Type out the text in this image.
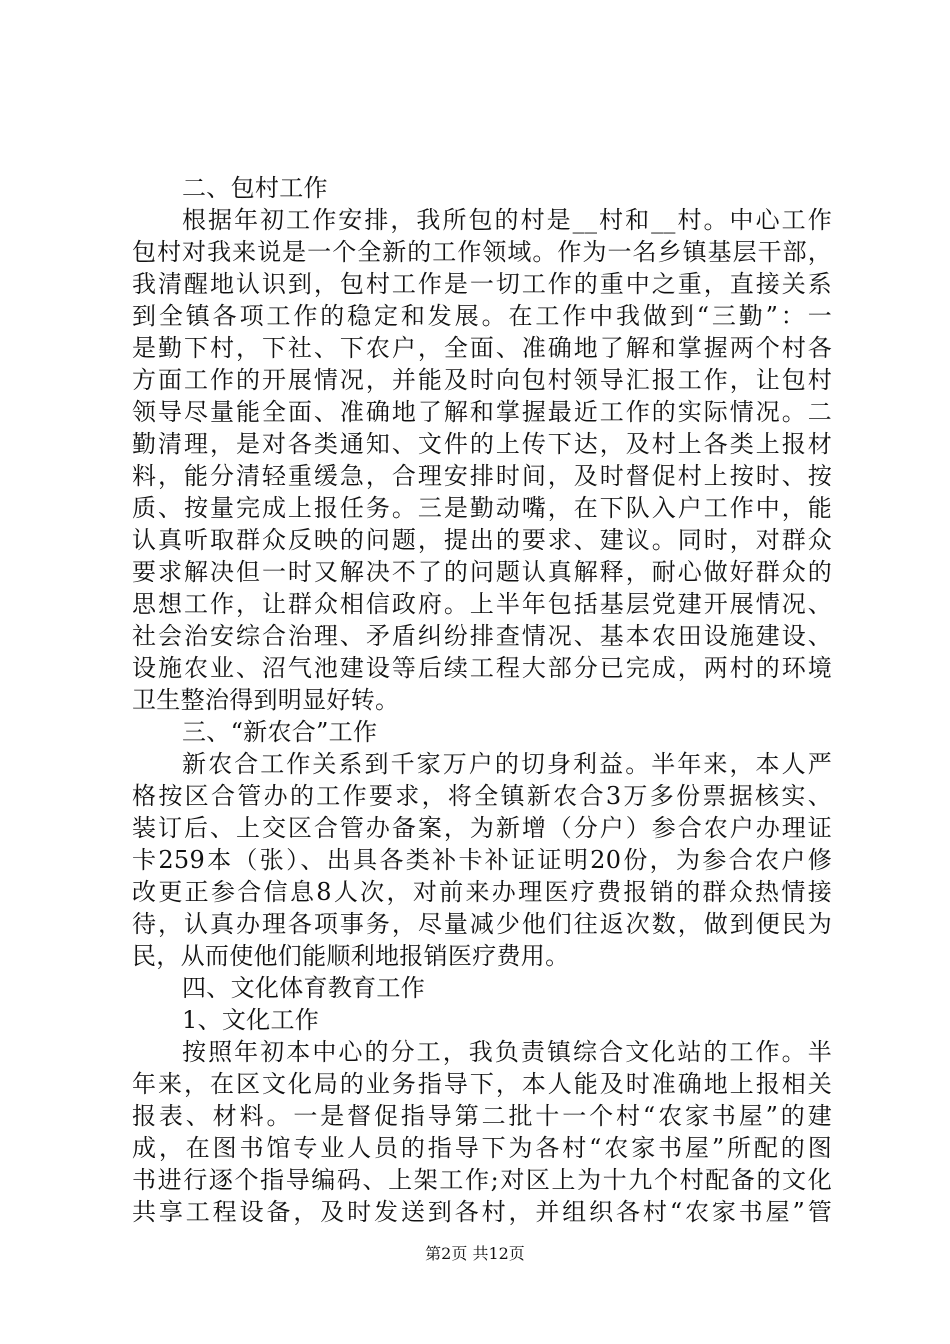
二、包村工作
根据年初工作安排，我所包的村是__村和__村。中心工作
包村对我来说是一个全新的工作领域。作为一名乡镇基层干部，
我清醒地认识到，包村工作是一切工作的重中之重，直接关系
到全镇各项工作的稳定和发展。在工作中我做到“三勤”：一
是勤下村，下社、下农户，全面、准确地了解和掌握两个村各
方面工作的开展情况，并能及时向包村领导汇报工作，让包村
领导尽量能全面、准确地了解和掌握最近工作的实际情况。二
勤清理，是对各类通知、文件的上传下达，及村上各类上报材
料，能分清轻重缓急，合理安排时间，及时督促村上按时、按
质、按量完成上报任务。三是勤动嘴，在下队入户工作中，能
认真听取群众反映的问题，提出的要求、建议。同时，对群众
要求解决但一时又解决不了的问题认真解释，耐心做好群众的
思想工作，让群众相信政府。上半年包括基层党建开展情况、
社会治安综合治理、矛盾纠纷排查情况、基本农田设施建设、
设施农业、沼气池建设等后续工程大部分已完成，两村的环境
卫生整治得到明显好转。
三、“新农合”工作
新农合工作关系到千家万户的切身利益。半年来，本人严
格按区合管办的工作要求，将全镇新农合3万多份票据核实、
装订后、上交区合管办备案，为新增（分户）参合农户办理证
卡259本（张）、出具各类补卡补证证明20份，为参合农户修
改更正参合信息8人次，对前来办理医疗费报销的群众热情接
待，认真办理各项事务，尽量减少他们往返次数，做到便民为
民，从而使他们能顺利地报销医疗费用。
四、文化体育教育工作
1、文化工作
按照年初本中心的分工，我负责镇综合文化站的工作。半
年来，在区文化局的业务指导下，本人能及时准确地上报相关
报表、材料。一是督促指导第二批十一个村“农家书屋”的建
成，在图书馆专业人员的指导下为各村“农家书屋”所配的图
书进行逐个指导编码、上架工作;对区上为十九个村配备的文化
共享工程设备，及时发送到各村，并组织各村“农家书屋”管
第2页 共12页
